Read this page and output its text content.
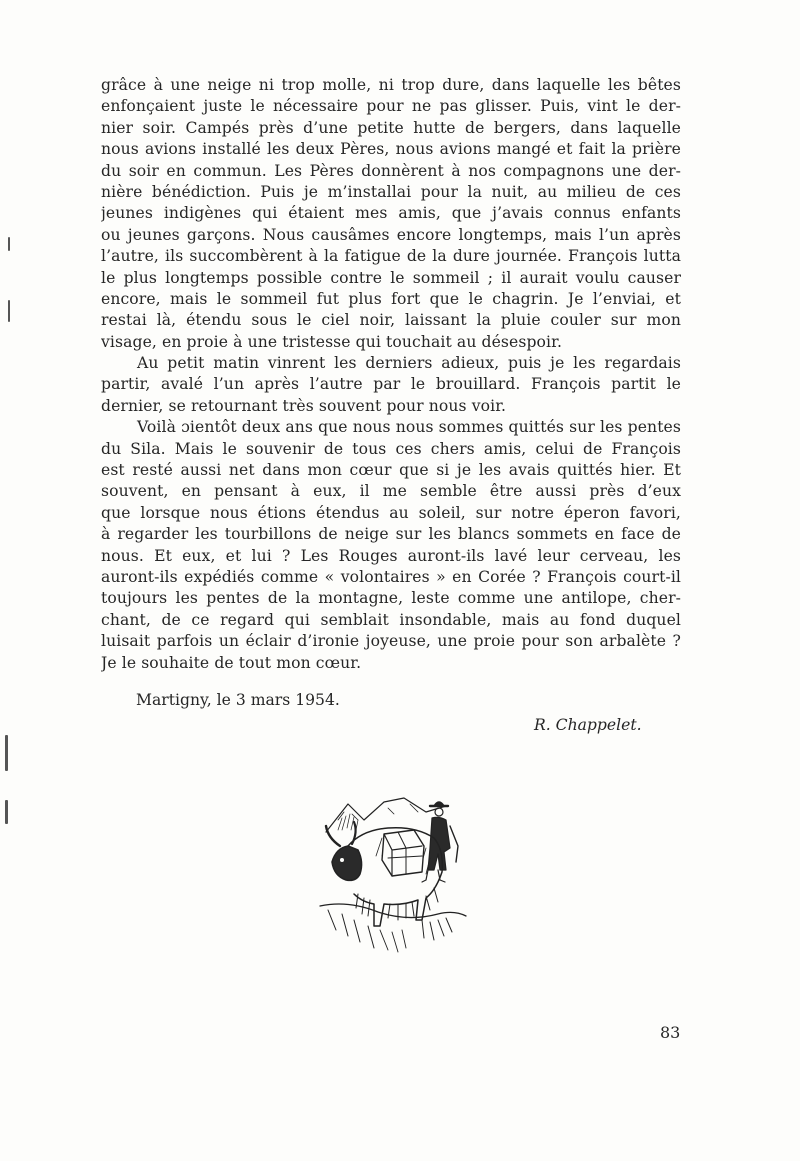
grâce à une neige ni trop molle, ni trop dure, dans laquelle les bêtes
enfonçaient juste le nécessaire pour ne pas glisser. Puis, vint le der-
nier soir. Campés près d’une petite hutte de bergers, dans laquelle
nous avions installé les deux Pères, nous avions mangé et fait la prière
du soir en commun. Les Pères donnèrent à nos compagnons une der-
nière bénédiction. Puis je m’installai pour la nuit, au milieu de ces
jeunes indigènes qui étaient mes amis, que j’avais connus enfants
ou jeunes garçons. Nous causâmes encore longtemps, mais l’un après
l’autre, ils succombèrent à la fatigue de la dure journée. François lutta
le plus longtemps possible contre le sommeil ; il aurait voulu causer
encore, mais le sommeil fut plus fort que le chagrin. Je l’enviai, et
restai là, étendu sous le ciel noir, laissant la pluie couler sur mon
visage, en proie à une tristesse qui touchait au désespoir.
Au petit matin vinrent les derniers adieux, puis je les regardais
partir, avalé l’un après l’autre par le brouillard. François partit le
dernier, se retournant très souvent pour nous voir.
Voilà ɔientôt deux ans que nous nous sommes quittés sur les pentes
du Sila. Mais le souvenir de tous ces chers amis, celui de François
est resté aussi net dans mon cœur que si je les avais quittés hier. Et
souvent, en pensant à eux, il me semble être aussi près d’eux
que lorsque nous étions étendus au soleil, sur notre éperon favori,
à regarder les tourbillons de neige sur les blancs sommets en face de
nous. Et eux, et lui ? Les Rouges auront-ils lavé leur cerveau, les
auront-ils expédiés comme « volontaires » en Corée ? François court-il
toujours les pentes de la montagne, leste comme une antilope, cher-
chant, de ce regard qui semblait insondable, mais au fond duquel
luisait parfois un éclair d’ironie joyeuse, une proie pour son arbalète ?
Je le souhaite de tout mon cœur.
Martigny, le 3 mars 1954.
R. Chappelet.
83
